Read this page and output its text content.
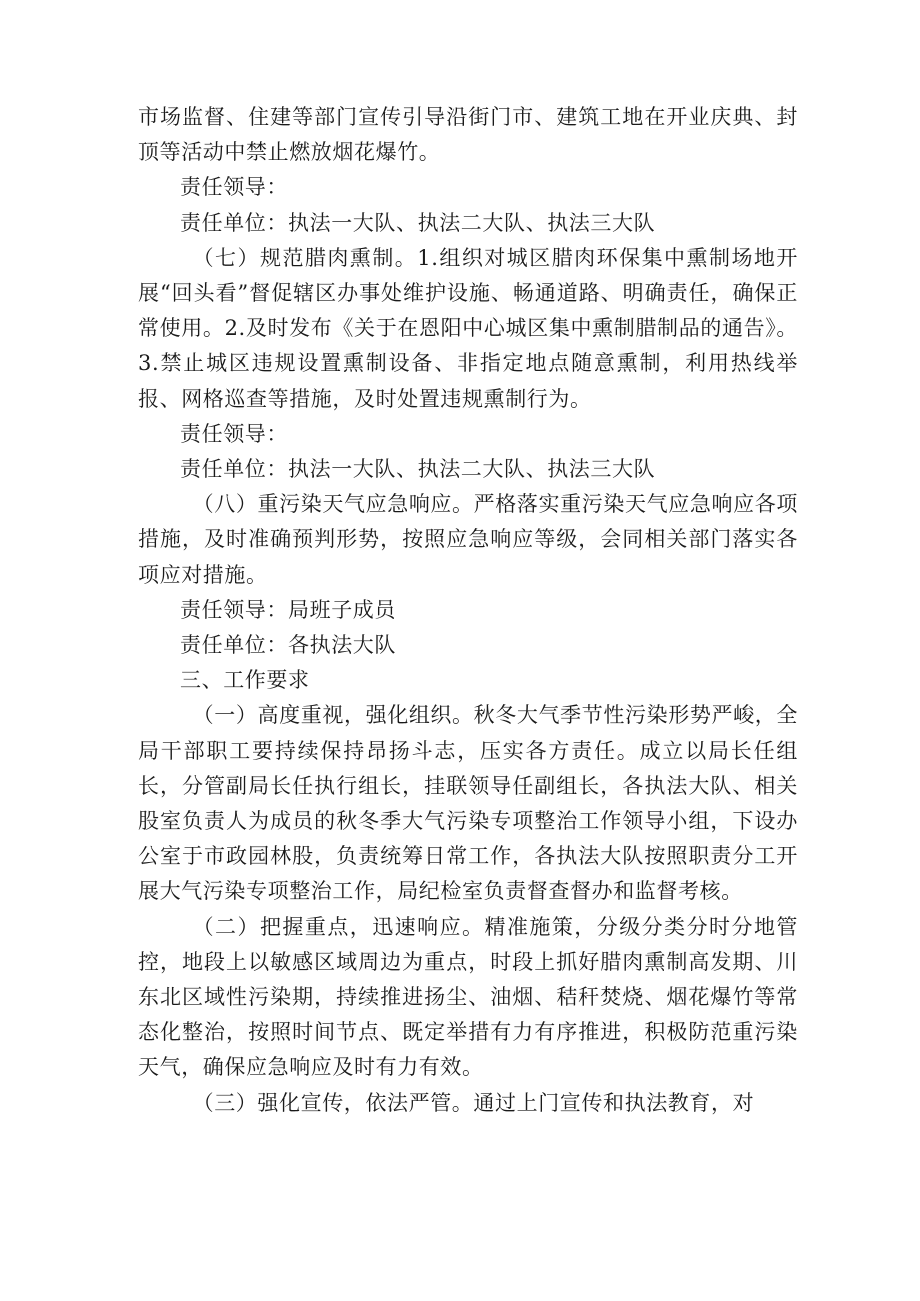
市场监督、住建等部门宣传引导沿街门市、建筑工地在开业庆典、封顶等活动中禁止燃放烟花爆竹。

责任领导：

责任单位：执法一大队、执法二大队、执法三大队

（七）规范腊肉熏制。1.组织对城区腊肉环保集中熏制场地开展“回头看”督促辖区办事处维护设施、畅通道路、明确责任，确保正常使用。2.及时发布《关于在恩阳中心城区集中熏制腊制品的通告》。3.禁止城区违规设置熏制设备、非指定地点随意熏制，利用热线举报、网格巡查等措施，及时处置违规熏制行为。

责任领导：

责任单位：执法一大队、执法二大队、执法三大队

（八）重污染天气应急响应。严格落实重污染天气应急响应各项措施，及时准确预判形势，按照应急响应等级，会同相关部门落实各项应对措施。

责任领导：局班子成员

责任单位：各执法大队

三、工作要求

（一）高度重视，强化组织。秋冬大气季节性污染形势严峻，全局干部职工要持续保持昂扬斗志，压实各方责任。成立以局长任组长，分管副局长任执行组长，挂联领导任副组长，各执法大队、相关股室负责人为成员的秋冬季大气污染专项整治工作领导小组，下设办公室于市政园林股，负责统筹日常工作，各执法大队按照职责分工开展大气污染专项整治工作，局纪检室负责督查督办和监督考核。

（二）把握重点，迅速响应。精准施策，分级分类分时分地管控，地段上以敏感区域周边为重点，时段上抓好腊肉熏制高发期、川东北区域性污染期，持续推进扬尘、油烟、秸秆焚烧、烟花爆竹等常态化整治，按照时间节点、既定举措有力有序推进，积极防范重污染天气，确保应急响应及时有力有效。

（三）强化宣传，依法严管。通过上门宣传和执法教育，对
